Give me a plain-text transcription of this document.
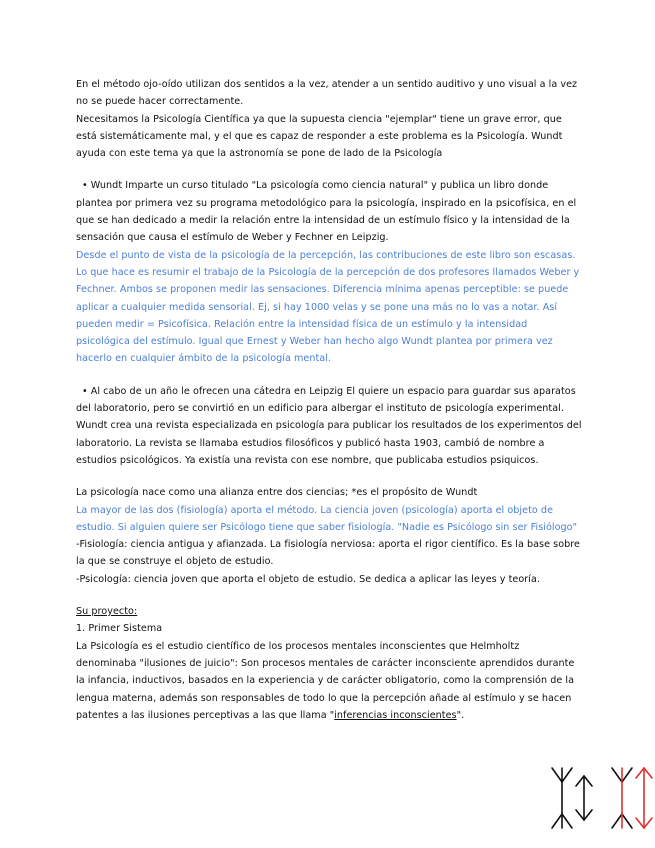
En el método ojo-oído utilizan dos sentidos a la vez, atender a un sentido auditivo y uno visual a la vez no se puede hacer correctamente.

Necesitamos la Psicología Científica ya que la supuesta ciencia "ejemplar" tiene un grave error, que está sistemáticamente mal, y el que es capaz de responder a este problema es la Psicología. Wundt ayuda con este tema ya que la astronomía se pone de lado de la Psicología

• Wundt Imparte un curso titulado "La psicología como ciencia natural" y publica un libro donde plantea por primera vez su programa metodológico para la psicología, inspirado en la psicofísica, en el que se han dedicado a medir la relación entre la intensidad de un estímulo físico y la intensidad de la sensación que causa el estímulo de Weber y Fechner en Leipzig.

Desde el punto de vista de la psicología de la percepción, las contribuciones de este libro son escasas. Lo que hace es resumir el trabajo de la Psicología de la percepción de dos profesores llamados Weber y Fechner. Ambos se proponen medir las sensaciones. Diferencia mínima apenas perceptible: se puede aplicar a cualquier medida sensorial. Ej, si hay 1000 velas y se pone una más no lo vas a notar. Así pueden medir = Psicofísica. Relación entre la intensidad física de un estímulo y la intensidad psicológica del estímulo. Igual que Ernest y Weber han hecho algo Wundt plantea por primera vez hacerlo en cualquier ámbito de la psicología mental.

• Al cabo de un año le ofrecen una cátedra en Leipzig El quiere un espacio para guardar sus aparatos del laboratorio, pero se convirtió en un edificio para albergar el instituto de psicología experimental. Wundt crea una revista especializada en psicología para publicar los resultados de los experimentos del laboratorio. La revista se llamaba estudios filosóficos y publicó hasta 1903, cambió de nombre a estudios psicológicos. Ya existía una revista con ese nombre, que publicaba estudios psiquicos.

La psicología nace como una alianza entre dos ciencias; *es el propósito de Wundt

La mayor de las dos (fisiología) aporta el método. La ciencia joven (psicología) aporta el objeto de estudio. Si alguien quiere ser Psicólogo tiene que saber fisiología. "Nadie es Psicólogo sin ser Fisiólogo"

-Fisiología: ciencia antigua y afianzada. La fisiología nerviosa: aporta el rigor científico. Es la base sobre la que se construye el objeto de estudio.

-Psicología: ciencia joven que aporta el objeto de estudio. Se dedica a aplicar las leyes y teoría.

Su proyecto:

1. Primer Sistema

La Psicología es el estudio científico de los procesos mentales inconscientes que Helmholtz denominaba "ilusiones de juicio": Son procesos mentales de carácter inconsciente aprendidos durante la infancia, inductivos, basados en la experiencia y de carácter obligatorio, como la comprensión de la lengua materna, además son responsables de todo lo que la percepción añade al estímulo y se hacen patentes a las ilusiones perceptivas a las que llama "inferencias inconscientes".
